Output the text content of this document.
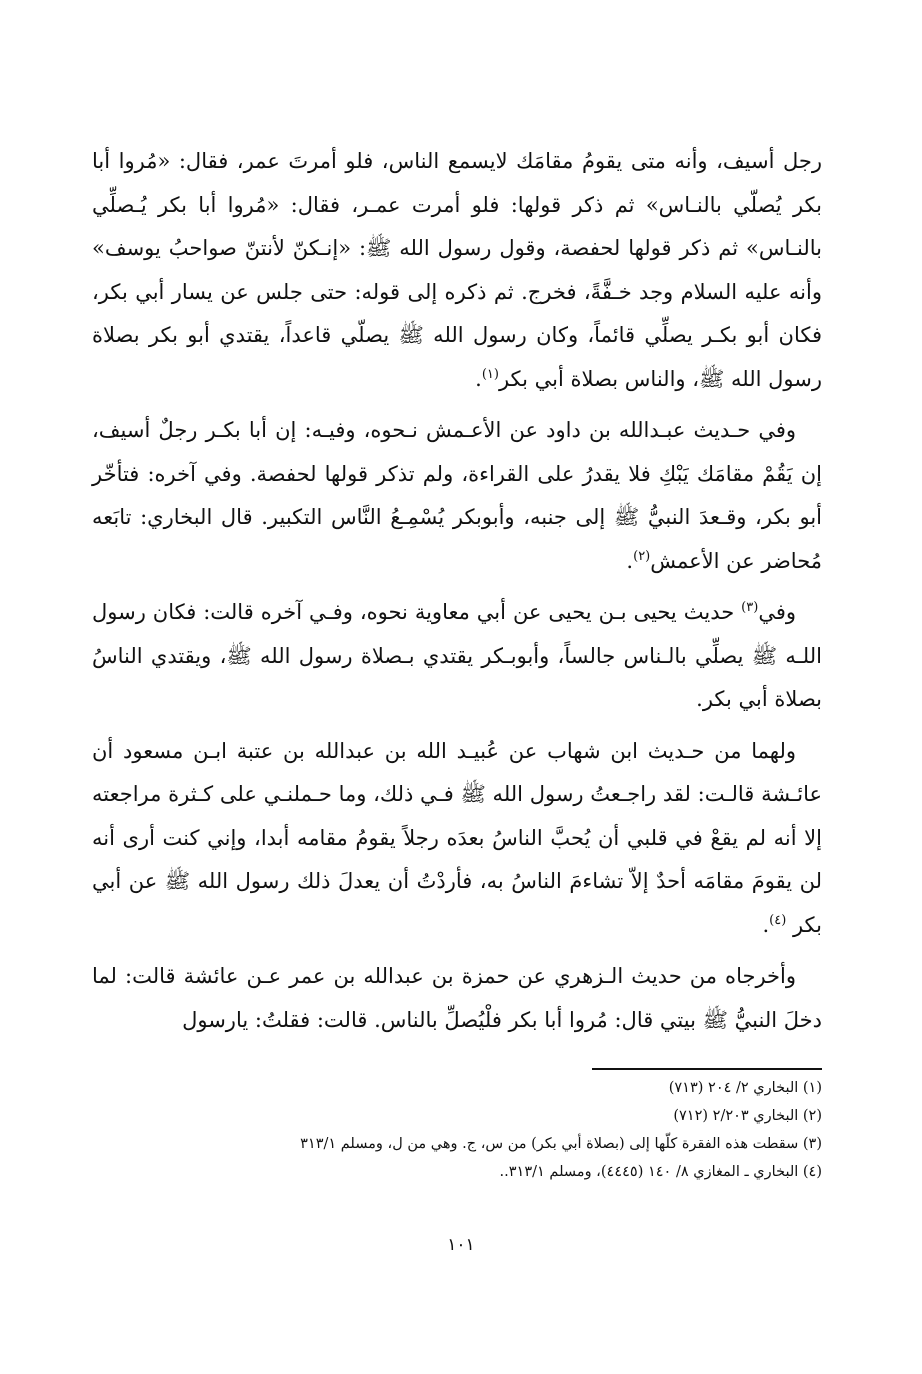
رجل أسيف، وأنه متى يقومُ مقامَك لايسمع الناس، فلو أمرتَ عمر، فقال: «مُروا أبا بكر يُصلّي بالنـاس» ثم ذكر قولها: فلو أمرت عمـر، فقال: «مُروا أبا بكر يُـصلِّي بالنـاس» ثم ذكر قولها لحفصة، وقول رسول الله ﷺ: «إنـكنّ لأنتنّ صواحبُ يوسف» وأنه عليه السلام وجد خـفَّةً، فخرج. ثم ذكره إلى قوله: حتى جلس عن يسار أبي بكر، فكان أبو بكـر يصلِّي قائماً، وكان رسول الله ﷺ يصلّي قاعداً، يقتدي أبو بكر بصلاة رسول الله ﷺ، والناس بصلاة أبي بكر$^{(١)}$.

وفي حـديث عبـدالله بن داود عن الأعـمش نـحوه، وفيـه: إن أبا بكـر رجلٌ أسيف، إن يَقُمْ مقامَك يَبْكِ فلا يقدرُ على القراءة، ولم تذكر قولها لحفصة. وفي آخره: فتأخّر أبو بكر، وقـعدَ النبيُّ ﷺ إلى جنبه، وأبوبكر يُسْمِـعُ النَّاس التكبير. قال البخاري: تابَعه مُحاضر عن الأعمش$^{(٢)}$.

وفي$^{(٣)}$ حديث يحيى بـن يحيى عن أبي معاوية نحوه، وفـي آخره قالت: فكان رسول اللـه ﷺ يصلِّي بالـناس جالساً، وأبوبـكر يقتدي بـصلاة رسول الله ﷺ، ويقتدي الناسُ بصلاة أبي بكر.

ولهما من حـديث ابن شهاب عن عُبيـد الله بن عبدالله بن عتبة ابـن مسعود أن عائـشة قالـت: لقد راجـعتُ رسول الله ﷺ فـي ذلك، وما حـملنـي على كـثرة مراجعته إلا أنه لم يقعْ في قلبي أن يُحبَّ الناسُ بعدَه رجلاً يقومُ مقامه أبدا، وإني كنت أرى أنه لن يقومَ مقامَه أحدٌ إلاّ تشاءمَ الناسُ به، فأردْتُ أن يعدلَ ذلك رسول الله ﷺ عن أبي بكر $^{(٤)}$.

وأخرجاه من حديث الـزهري عن حمزة بن عبدالله بن عمر عـن عائشة قالت: لما دخلَ النبيُّ ﷺ بيتي قال: مُروا أبا بكر فلْيُصلِّ بالناس. قالت: فقلتُ: يارسول

(١) البخاري ٢/ ٢٠٤ (٧١٣)
(٢) البخاري ٢/٢٠٣ (٧١٢)
(٣) سقطت هذه الفقرة كلّها إلى (بصلاة أبي بكر) من س، ج. وهي من ل، ومسلم ٣١٣/١
(٤) البخاري ـ المغازي ٨/ ١٤٠ (٤٤٤٥)، ومسلم ٣١٣/١..
١٠١
